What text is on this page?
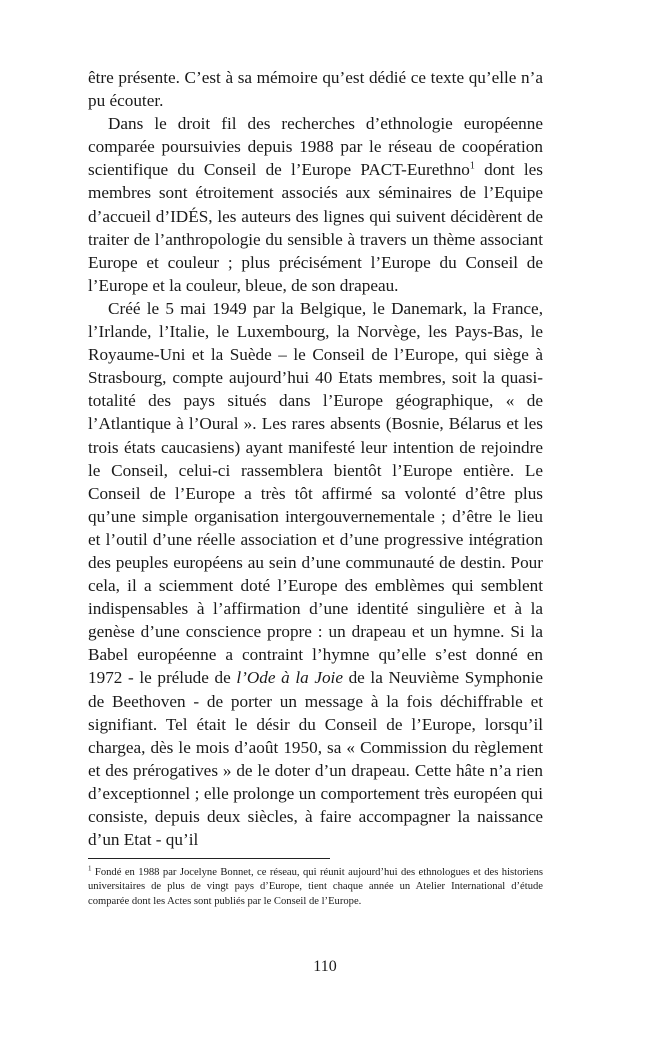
être présente. C’est à sa mémoire qu’est dédié ce texte qu’elle n’a pu écouter.

Dans le droit fil des recherches d’ethnologie européenne comparée poursuivies depuis 1988 par le réseau de coopération scientifique du Conseil de l’Europe PACT-Eurethno$^1$ dont les membres sont étroitement associés aux séminaires de l’Equipe d’accueil d’IDÉS, les auteurs des lignes qui suivent décidèrent de traiter de l’anthropologie du sensible à travers un thème associant Europe et couleur ; plus précisément l’Europe du Conseil de l’Europe et la couleur, bleue, de son drapeau.

Créé le 5 mai 1949 par la Belgique, le Danemark, la France, l’Irlande, l’Italie, le Luxembourg, la Norvège, les Pays-Bas, le Royaume-Uni et la Suède – le Conseil de l’Europe, qui siège à Strasbourg, compte aujourd’hui 40 Etats membres, soit la quasi-totalité des pays situés dans l’Europe géographique, « de l’Atlantique à l’Oural ». Les rares absents (Bosnie, Bélarus et les trois états caucasiens) ayant manifesté leur intention de rejoindre le Conseil, celui-ci rassemblera bientôt l’Europe entière. Le Conseil de l’Europe a très tôt affirmé sa volonté d’être plus qu’une simple organisation intergouvernementale ; d’être le lieu et l’outil d’une réelle association et d’une progressive intégration des peuples européens au sein d’une communauté de destin. Pour cela, il a sciemment doté l’Europe des emblèmes qui semblent indispensables à l’affirmation d’une identité singulière et à la genèse d’une conscience propre : un drapeau et un hymne. Si la Babel européenne a contraint l’hymne qu’elle s’est donné en 1972 - le prélude de l’Ode à la Joie de la Neuvième Symphonie de Beethoven - de porter un message à la fois déchiffrable et signifiant. Tel était le désir du Conseil de l’Europe, lorsqu’il chargea, dès le mois d’août 1950, sa « Commission du règlement et des prérogatives » de le doter d’un drapeau. Cette hâte n’a rien d’exceptionnel ; elle prolonge un comportement très européen qui consiste, depuis deux siècles, à faire accompagner la naissance d’un Etat - qu’il

$^1$ Fondé en 1988 par Jocelyne Bonnet, ce réseau, qui réunit aujourd’hui des ethnologues et des historiens universitaires de plus de vingt pays d’Europe, tient chaque année un Atelier International d’étude comparée dont les Actes sont publiés par le Conseil de l’Europe.
110
